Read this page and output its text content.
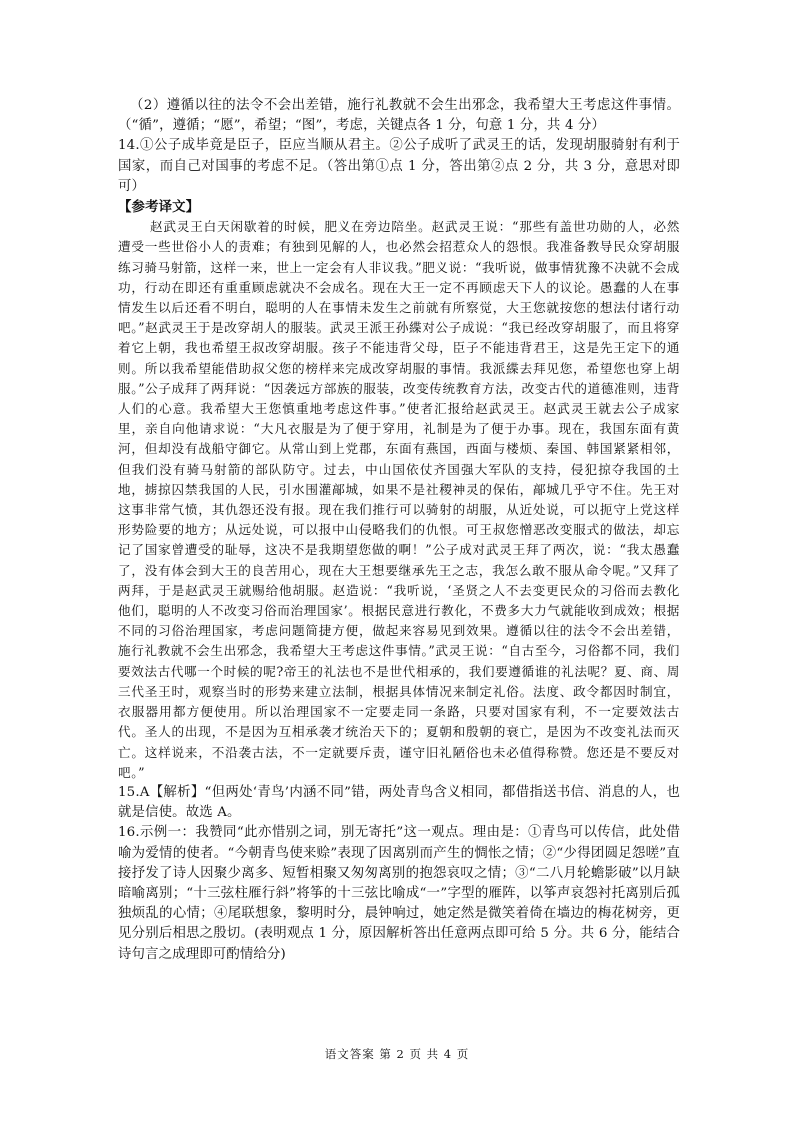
（2）遵循以往的法令不会出差错，施行礼教就不会生出邪念，我希望大王考虑这件事情。（“循”，遵循；“愿”，希望；“图”，考虑，关键点各 1 分，句意 1 分，共 4 分）

14.①公子成毕竟是臣子，臣应当顺从君主。②公子成听了武灵王的话，发现胡服骑射有利于国家，而自己对国事的考虑不足。（答出第①点 1 分，答出第②点 2 分，共 3 分，意思对即可）

【参考译文】

赵武灵王白天闲歇着的时候，肥义在旁边陪坐。赵武灵王说：“那些有盖世功勋的人，必然遭受一些世俗小人的责难；有独到见解的人，也必然会招惹众人的怨恨。我准备教导民众穿胡服练习骑马射箭，这样一来，世上一定会有人非议我。”肥义说：“我听说，做事情犹豫不决就不会成功，行动在即还有重重顾虑就决不会成名。现在大王一定不再顾虑天下人的议论。愚蠢的人在事情发生以后还看不明白，聪明的人在事情未发生之前就有所察觉，大王您就按您的想法付诸行动吧。”赵武灵王于是改穿胡人的服装。武灵王派王孙緤对公子成说：“我已经改穿胡服了，而且将穿着它上朝，我也希望王叔改穿胡服。孩子不能违背父母，臣子不能违背君王，这是先王定下的通则。所以我希望能借助叔父您的榜样来完成改穿胡服的事情。我派緤去拜见您，希望您也穿上胡服。”公子成拜了两拜说：“因袭远方部族的服装，改变传统教育方法，改变古代的道德准则，违背人们的心意。我希望大王您慎重地考虑这件事。”使者汇报给赵武灵王。赵武灵王就去公子成家里，亲自向他请求说：“大凡衣服是为了便于穿用，礼制是为了便于办事。现在，我国东面有黄河，但却没有战船守御它。从常山到上党郡，东面有燕国，西面与楼烦、秦国、韩国紧紧相邻，但我们没有骑马射箭的部队防守。过去，中山国依仗齐国强大军队的支持，侵犯掠夺我国的土地，掳掠囚禁我国的人民，引水围灌鄗城，如果不是社稷神灵的保佑，鄗城几乎守不住。先王对这事非常气愤，其仇怨还没有报。现在我们推行可以骑射的胡服，从近处说，可以扼守上党这样形势险要的地方；从远处说，可以报中山侵略我们的仇恨。可王叔您憎恶改变服式的做法，却忘记了国家曾遭受的耻辱，这决不是我期望您做的啊！”公子成对武灵王拜了两次，说：“我太愚蠢了，没有体会到大王的良苦用心，现在大王想要继承先王之志，我怎么敢不服从命令呢。”又拜了两拜，于是赵武灵王就赐给他胡服。赵造说：“我听说，‘圣贤之人不去变更民众的习俗而去教化他们，聪明的人不改变习俗而治理国家’。根据民意进行教化，不费多大力气就能收到成效；根据不同的习俗治理国家，考虑问题简捷方便，做起来容易见到效果。遵循以往的法令不会出差错，施行礼教就不会生出邪念，我希望大王考虑这件事情。”武灵王说：“自古至今，习俗都不同，我们要效法古代哪一个时候的呢?帝王的礼法也不是世代相承的，我们要遵循谁的礼法呢？夏、商、周三代圣王时，观察当时的形势来建立法制，根据具体情况来制定礼俗。法度、政令都因时制宜，衣服器用都方便使用。所以治理国家不一定要走同一条路，只要对国家有利，不一定要效法古代。圣人的出现，不是因为互相承袭才统治天下的；夏朝和殷朝的衰亡，是因为不改变礼法而灭亡。这样说来，不沿袭古法，不一定就要斥责，谨守旧礼陋俗也未必值得称赞。您还是不要反对吧。”

15.A【解析】“但两处‘青鸟’内涵不同”错，两处青鸟含义相同，都借指送书信、消息的人，也就是信使。故选 A。

16.示例一：我赞同“此亦惜别之词，别无寄托”这一观点。理由是：①青鸟可以传信，此处借喻为爱情的使者。“今朝青鸟使来赊”表现了因离别而产生的惆怅之情；②“少得团圆足怨嗟”直接抒发了诗人因聚少离多、短暂相聚又匆匆离别的抱怨哀叹之情；③“二八月轮蟾影破”以月缺暗喻离别；“十三弦柱雁行斜”将筝的十三弦比喻成“一”字型的雁阵，以筝声哀怨衬托离别后孤独烦乱的心情；④尾联想象，黎明时分，晨钟响过，她定然是微笑着倚在墙边的梅花树旁，更见分别后相思之殷切。(表明观点 1 分，原因解析答出任意两点即可给 5 分。共 6 分，能结合诗句言之成理即可酌情给分)

语文答案 第 2 页 共 4 页
